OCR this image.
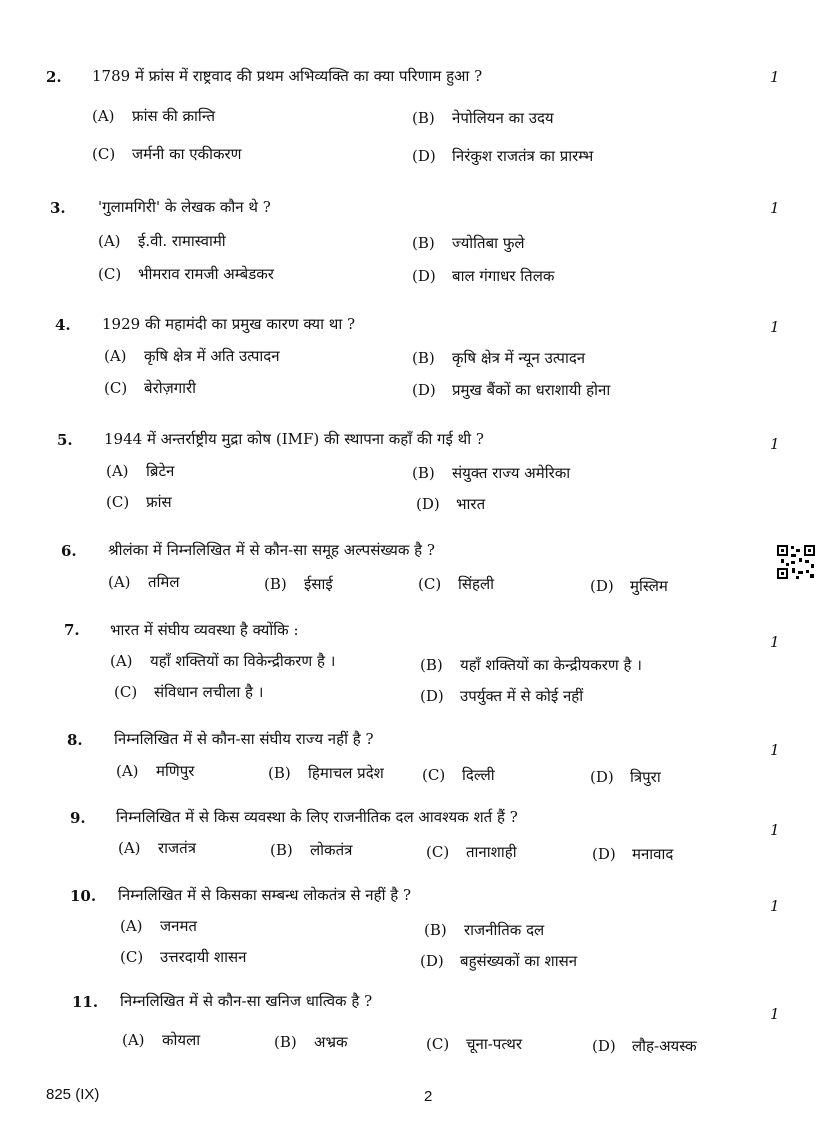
2. 1789 में फ्रांस में राष्ट्रवाद की प्रथम अभिव्यक्ति का क्या परिणाम हुआ ?	1
(A) फ्रांस की क्रान्ति	(B) नेपोलियन का उदय
(C) जर्मनी का एकीकरण	(D) निरंकुश राजतंत्र का प्रारम्भ
3. 'गुलामगिरी' के लेखक कौन थे ?	1
(A) ई.वी. रामास्वामी	(B) ज्योतिबा फुले
(C) भीमराव रामजी अम्बेडकर	(D) बाल गंगाधर तिलक
4. 1929 की महामंदी का प्रमुख कारण क्या था ?	1
(A) कृषि क्षेत्र में अति उत्पादन	(B) कृषि क्षेत्र में न्यून उत्पादन
(C) बेरोज़गारी	(D) प्रमुख बैंकों का धराशायी होना
5. 1944 में अन्तर्राष्ट्रीय मुद्रा कोष (IMF) की स्थापना कहाँ की गई थी ?	1
(A) ब्रिटेन	(B) संयुक्त राज्य अमेरिका
(C) फ्रांस	(D) भारत
6. श्रीलंका में निम्नलिखित में से कौन-सा समूह अल्पसंख्यक है ?
(A) तमिल	(B) ईसाई	(C) सिंहली	(D) मुस्लिम
7. भारत में संघीय व्यवस्था है क्योंकि :
1
(A) यहाँ शक्तियों का विकेन्द्रीकरण है ।	(B) यहाँ शक्तियों का केन्द्रीयकरण है ।
(C) संविधान लचीला है ।	(D) उपर्युक्त में से कोई नहीं
8. निम्नलिखित में से कौन-सा संघीय राज्य नहीं है ?
1
(A) मणिपुर	(B) हिमाचल प्रदेश	(C) दिल्ली	(D) त्रिपुरा
9. निम्नलिखित में से किस व्यवस्था के लिए राजनीतिक दल आवश्यक शर्त हैं ?
1
(A) राजतंत्र	(B) लोकतंत्र	(C) तानाशाही	(D) मनावाद
10. निम्नलिखित में से किसका सम्बन्ध लोकतंत्र से नहीं है ?
1
(A) जनमत	(B) राजनीतिक दल
(C) उत्तरदायी शासन	(D) बहुसंख्यकों का शासन
11. निम्नलिखित में से कौन-सा खनिज धात्विक है ?
1
(A) कोयला	(B) अभ्रक	(C) चूना-पत्थर	(D) लौह-अयस्क
825 (IX)	2
